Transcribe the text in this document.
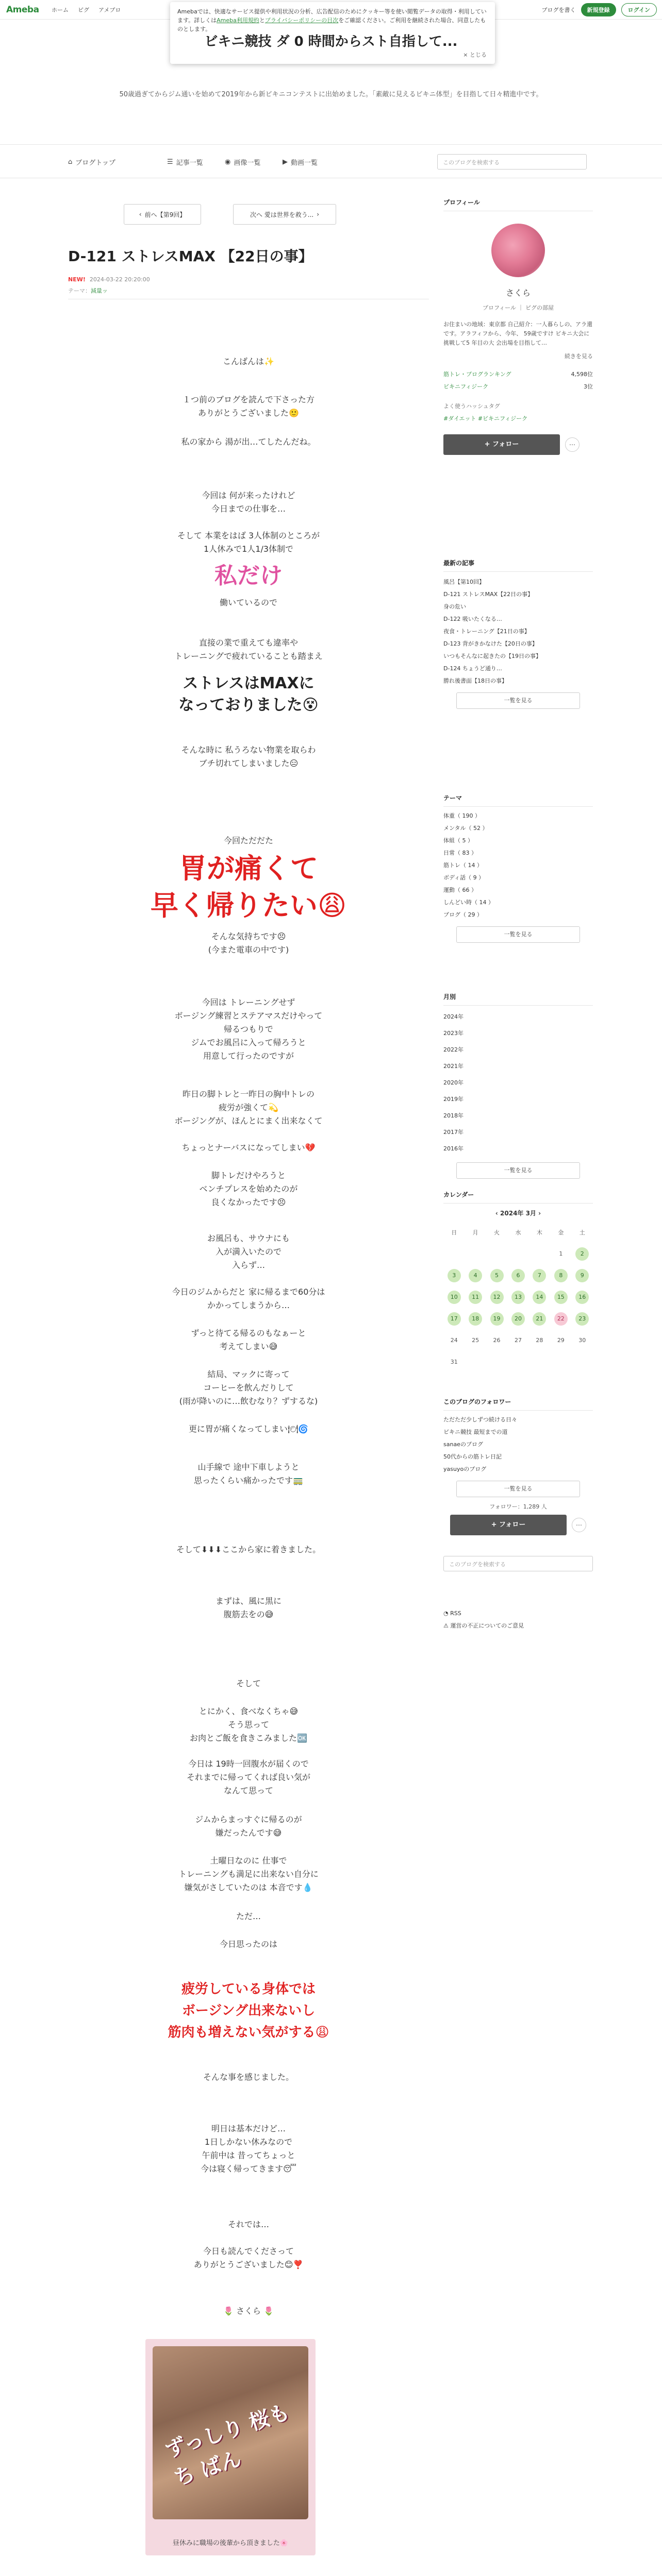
Ameba ホーム ピグ アメブロ	ブログを書く	新規登録	ログイン

Amebaでは、快適なサービス提供や利用状況の分析、広告配信のためにクッキー等を使い閲覧データの取得・利用しています。詳しくはAmeba利用規約とプライバシーポリシーの目次をご確認ください。ご利用を継続された場合、同意したものとします。

× とじる
ビキニ競技 ダ 0 時間からスト自指して...
50歳過ぎてからジム通いを始めて2019年から新ビキニコンテストに出始めました。「素敵に見えるビキニ体型」を目指して日々精進中です。
⌂ ブログトップ	☰ 記事一覧	◉ 画像一覧	▶ 動画一覧	このブログを検索する
‹ 前へ【第9回】	次へ 愛は世界を救う... ›
D-121 ストレスMAX 【22日の事】
NEW! 2024-03-22 20:20:00
テーマ：減量ッ
こんばんは✨
１つ前のブログを読んで下さった方
ありがとうございました🙂
私の家から 湯が出…てしたんだね。
今回は 何が来ったけれど
今日までの仕事を…
そして 本業をはば 3人体制のところが
1人休みで1人1/3体制で
私だけ
働いているので
直接の業で重えても違率や
トレーニングで疲れていることも踏まえ
ストレスはMAXに
なっておりました😵
そんな時に 私うろない物業を取らわ
ブチ切れてしまいました😑
今回ただだた
胃が痛くて
早く帰りたい😩
そんな気持ちです😣
(今また電車の中です)
今回は トレーニングせず
ボージング練習とステアマスだけやって
帰るつもりで
ジムでお風呂に入って帰ろうと
用意して行ったのですが
昨日の脚トレと一昨日の胸中トレの
疲労が強くて💫
ボージングが、ほんとにまく出来なくて
ちょっとナーバスになってしまい💔
脚トレだけやろうと
ベンチプレスを始めたのが
良くなかったです😣
お風呂も、サウナにも
入が満入いたので
入らず…
今日のジムからだと 家に帰るまで60分は
かかってしまうから…
ずっと待てる帰るのもなぁーと
考えてしまい😅
結局、マックに寄って
コーヒーを飲んだりして
(雨が降いのに…飲むなり？ずするな)
更に胃が痛くなってしまい🍽🌀
山手線で 途中下車しようと
思ったくらい痛かったです🚃
そして⬇⬇⬇ここから家に着きました。
まずは、風に黒に
腹筋去をの😅
そして
とにかく、食べなくちゃ😅
そう思って
お肉とご飯を食きこみました🆗
今日は 19時一回腹水が届くので
それまでに帰ってくれば良い気が
なんて思って
ジムからまっすぐに帰るのが
嫌だったんです😅
土曜日なのに 仕事で
トレーニングも満足に出来ない自分に
嫌気がさしていたのは 本音です💧
ただ…
今日思ったのは
疲労している身体では
ボージング出来ないし
筋肉も増えない気がする😩
そんな事を感じました。
明日は基本だけど…
1日しかない休みなので
午前中は 昔ってちょっと
今は寝く帰ってきます😴
それでは…
今日も読んでくださって
ありがとうございました😊❣️
🌷 さくら 🌷
ずっしり 桜もち ばん
昼休みに職場の後輩から頂きました🌸
プロフィール
さくら
プロフィール ｜ ピグの部屋
お住まいの地域：東京都 自己紹介：一人暮らしの、アラ還です。アラフィフから、今年、 59歳ですけ ビキニ大会に挑戦して5 年目の大 会出場を目指して…
続きを見る
筋トレ・ブログランキング	4,598位
ビキニフィジーク	3位
よく使うハッシュタグ
#ダイエット #ビキニフィジーク
+ フォロー	⋯
最新の記事
風呂【第10回】
D-121 ストレスMAX【22日の事】
身の危い
D-122 吸いたくなる…
夜食・トレーニング【21日の事】
D-123 背がきかなけた【20日の事】
いつもそんなに起きたの【19日の事】
D-124 ちょうど通り…
勝れ後書面【18日の事】
一覧を見る
テーマ
体重（ 190 ）
メンタル（ 52 ）
体組（ 5 ）
日常（ 83 ）
筋トレ（ 14 ）
ボディ話（ 9 ）
運動（ 66 ）
しんどい時（ 14 ）
ブログ（ 29 ）
一覧を見る
月別
2024年
2023年
2022年
2021年
2020年
2019年
2018年
2017年
2016年
一覧を見る
カレンダー
‹ 2024年 3月 ›
日	月	火	水	木	金	土
					1	2
3	4	5	6	7	8	9
10	11	12	13	14	15	16
17	18	19	20	21	22	23
24	25	26	27	28	29	30
31						
このブログのフォロワー
ただただ少しずつ続ける日々
ビキニ競技 最短までの道
sanaeのブログ
50代からの筋トレ日記
yasuyoのブログ
一覧を見る
フォロワー：1,289 人
+ フォロー	⋯
このブログを検索する
◔ RSS
⚠ 運営の不正についてのご意見
